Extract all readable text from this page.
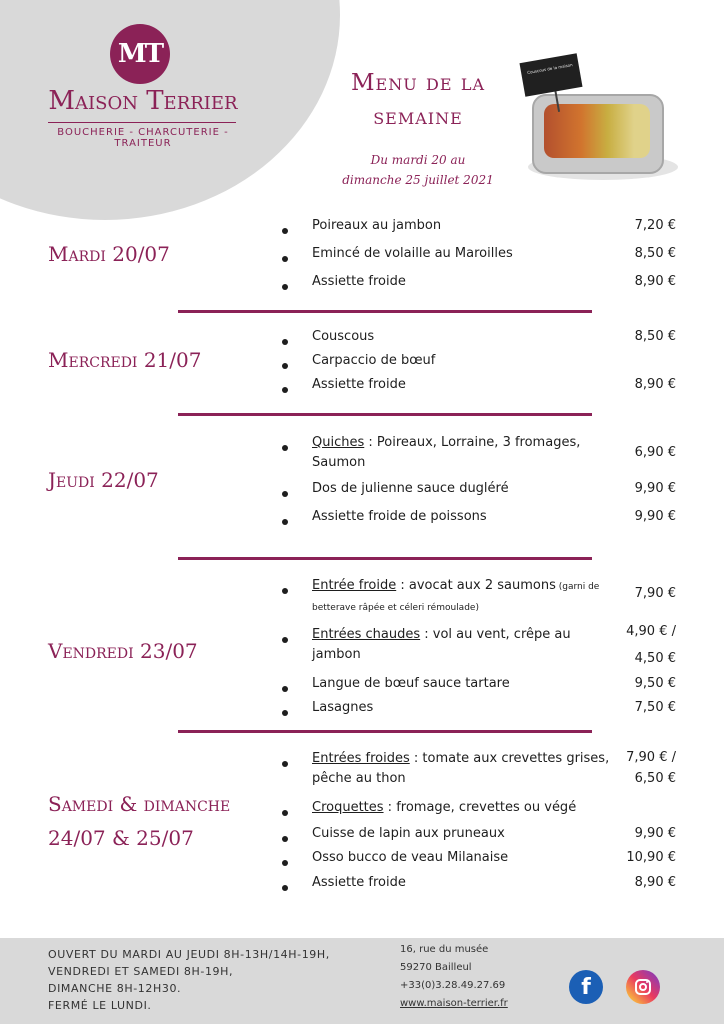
MT
Maison Terrier
BOUCHERIE - CHARCUTERIE - TRAITEUR
Menu de la
semaine
Du mardi 20 au
dimanche 25 juillet 2021
Couscous de la maison
Mardi 20/07
Poireaux au jambon	7,20 €
Emincé de volaille au Maroilles	8,50 €
Assiette froide	8,90 €
Mercredi 21/07
Couscous	8,50 €
Carpaccio de bœuf
Assiette froide	8,90 €
Jeudi 22/07
Quiches : Poireaux, Lorraine, 3 fromages,
Saumon
6,90 €
Dos de julienne sauce dugléré	9,90 €
Assiette froide de poissons	9,90 €
Vendredi 23/07
Entrée froide : avocat aux 2 saumons (garni de
betterave râpée et céleri rémoulade)
7,90 €
Entrées chaudes : vol au vent, crêpe au
jambon
4,90 € /
4,50 €
Langue de bœuf sauce tartare	9,50 €
Lasagnes	7,50 €
Samedi & dimanche
24/07 & 25/07
Entrées froides : tomate aux crevettes grises,
pêche au thon
7,90 € /
6,50 €
Croquettes : fromage, crevettes ou végé
Cuisse de lapin aux pruneaux	9,90 €
Osso bucco de veau Milanaise	10,90 €
Assiette froide	8,90 €
OUVERT DU MARDI AU JEUDI 8H-13H/14H-19H,
VENDREDI ET SAMEDI 8H-19H,
DIMANCHE 8H-12H30.
FERMÉ LE LUNDI.
16, rue du musée
59270 Bailleul
+33(0)3.28.49.27.69
www.maison-terrier.fr
f
